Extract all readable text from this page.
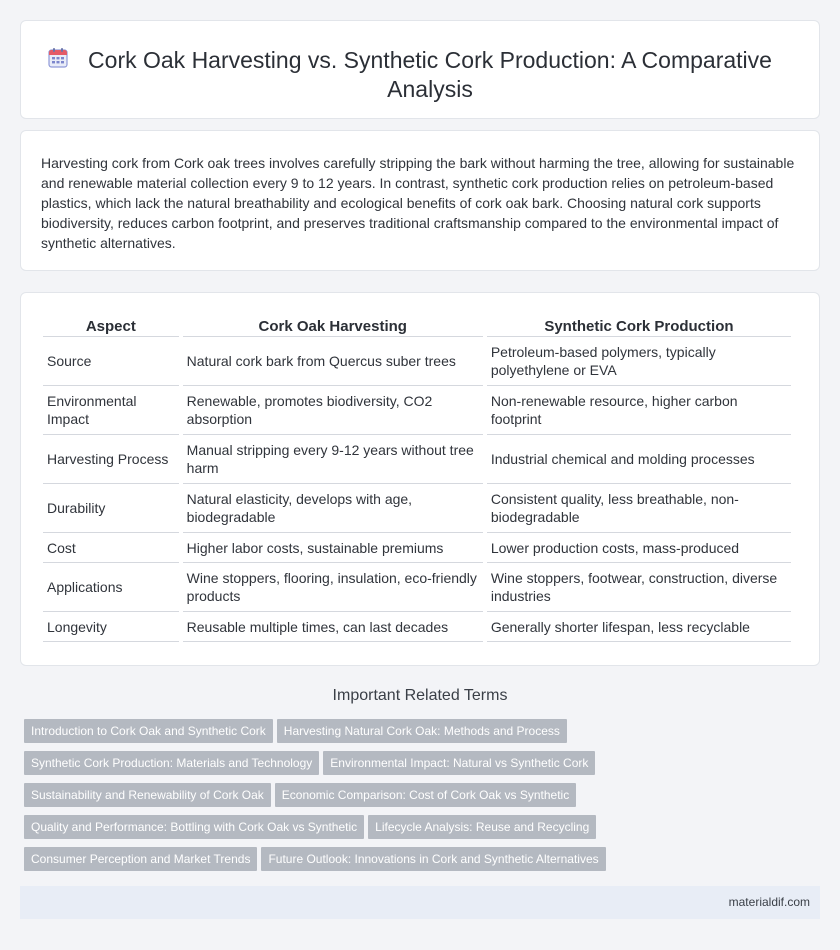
Cork Oak Harvesting vs. Synthetic Cork Production: A Comparative Analysis

Harvesting cork from Cork oak trees involves carefully stripping the bark without harming the tree, allowing for sustainable and renewable material collection every 9 to 12 years. In contrast, synthetic cork production relies on petroleum-based plastics, which lack the natural breathability and ecological benefits of cork oak bark. Choosing natural cork supports biodiversity, reduces carbon footprint, and preserves traditional craftsmanship compared to the environmental impact of synthetic alternatives.

Aspect	Cork Oak Harvesting	Synthetic Cork Production
Source	Natural cork bark from Quercus suber trees	Petroleum-based polymers, typically polyethylene or EVA
Environmental Impact	Renewable, promotes biodiversity, CO2 absorption	Non-renewable resource, higher carbon footprint
Harvesting Process	Manual stripping every 9-12 years without tree harm	Industrial chemical and molding processes
Durability	Natural elasticity, develops with age, biodegradable	Consistent quality, less breathable, non-biodegradable
Cost	Higher labor costs, sustainable premiums	Lower production costs, mass-produced
Applications	Wine stoppers, flooring, insulation, eco-friendly products	Wine stoppers, footwear, construction, diverse industries
Longevity	Reusable multiple times, can last decades	Generally shorter lifespan, less recyclable
Important Related Terms
Introduction to Cork Oak and Synthetic Cork Harvesting Natural Cork Oak: Methods and Process
Synthetic Cork Production: Materials and Technology Environmental Impact: Natural vs Synthetic Cork
Sustainability and Renewability of Cork Oak Economic Comparison: Cost of Cork Oak vs Synthetic
Quality and Performance: Bottling with Cork Oak vs Synthetic Lifecycle Analysis: Reuse and Recycling
Consumer Perception and Market Trends Future Outlook: Innovations in Cork and Synthetic Alternatives
materialdif.com
